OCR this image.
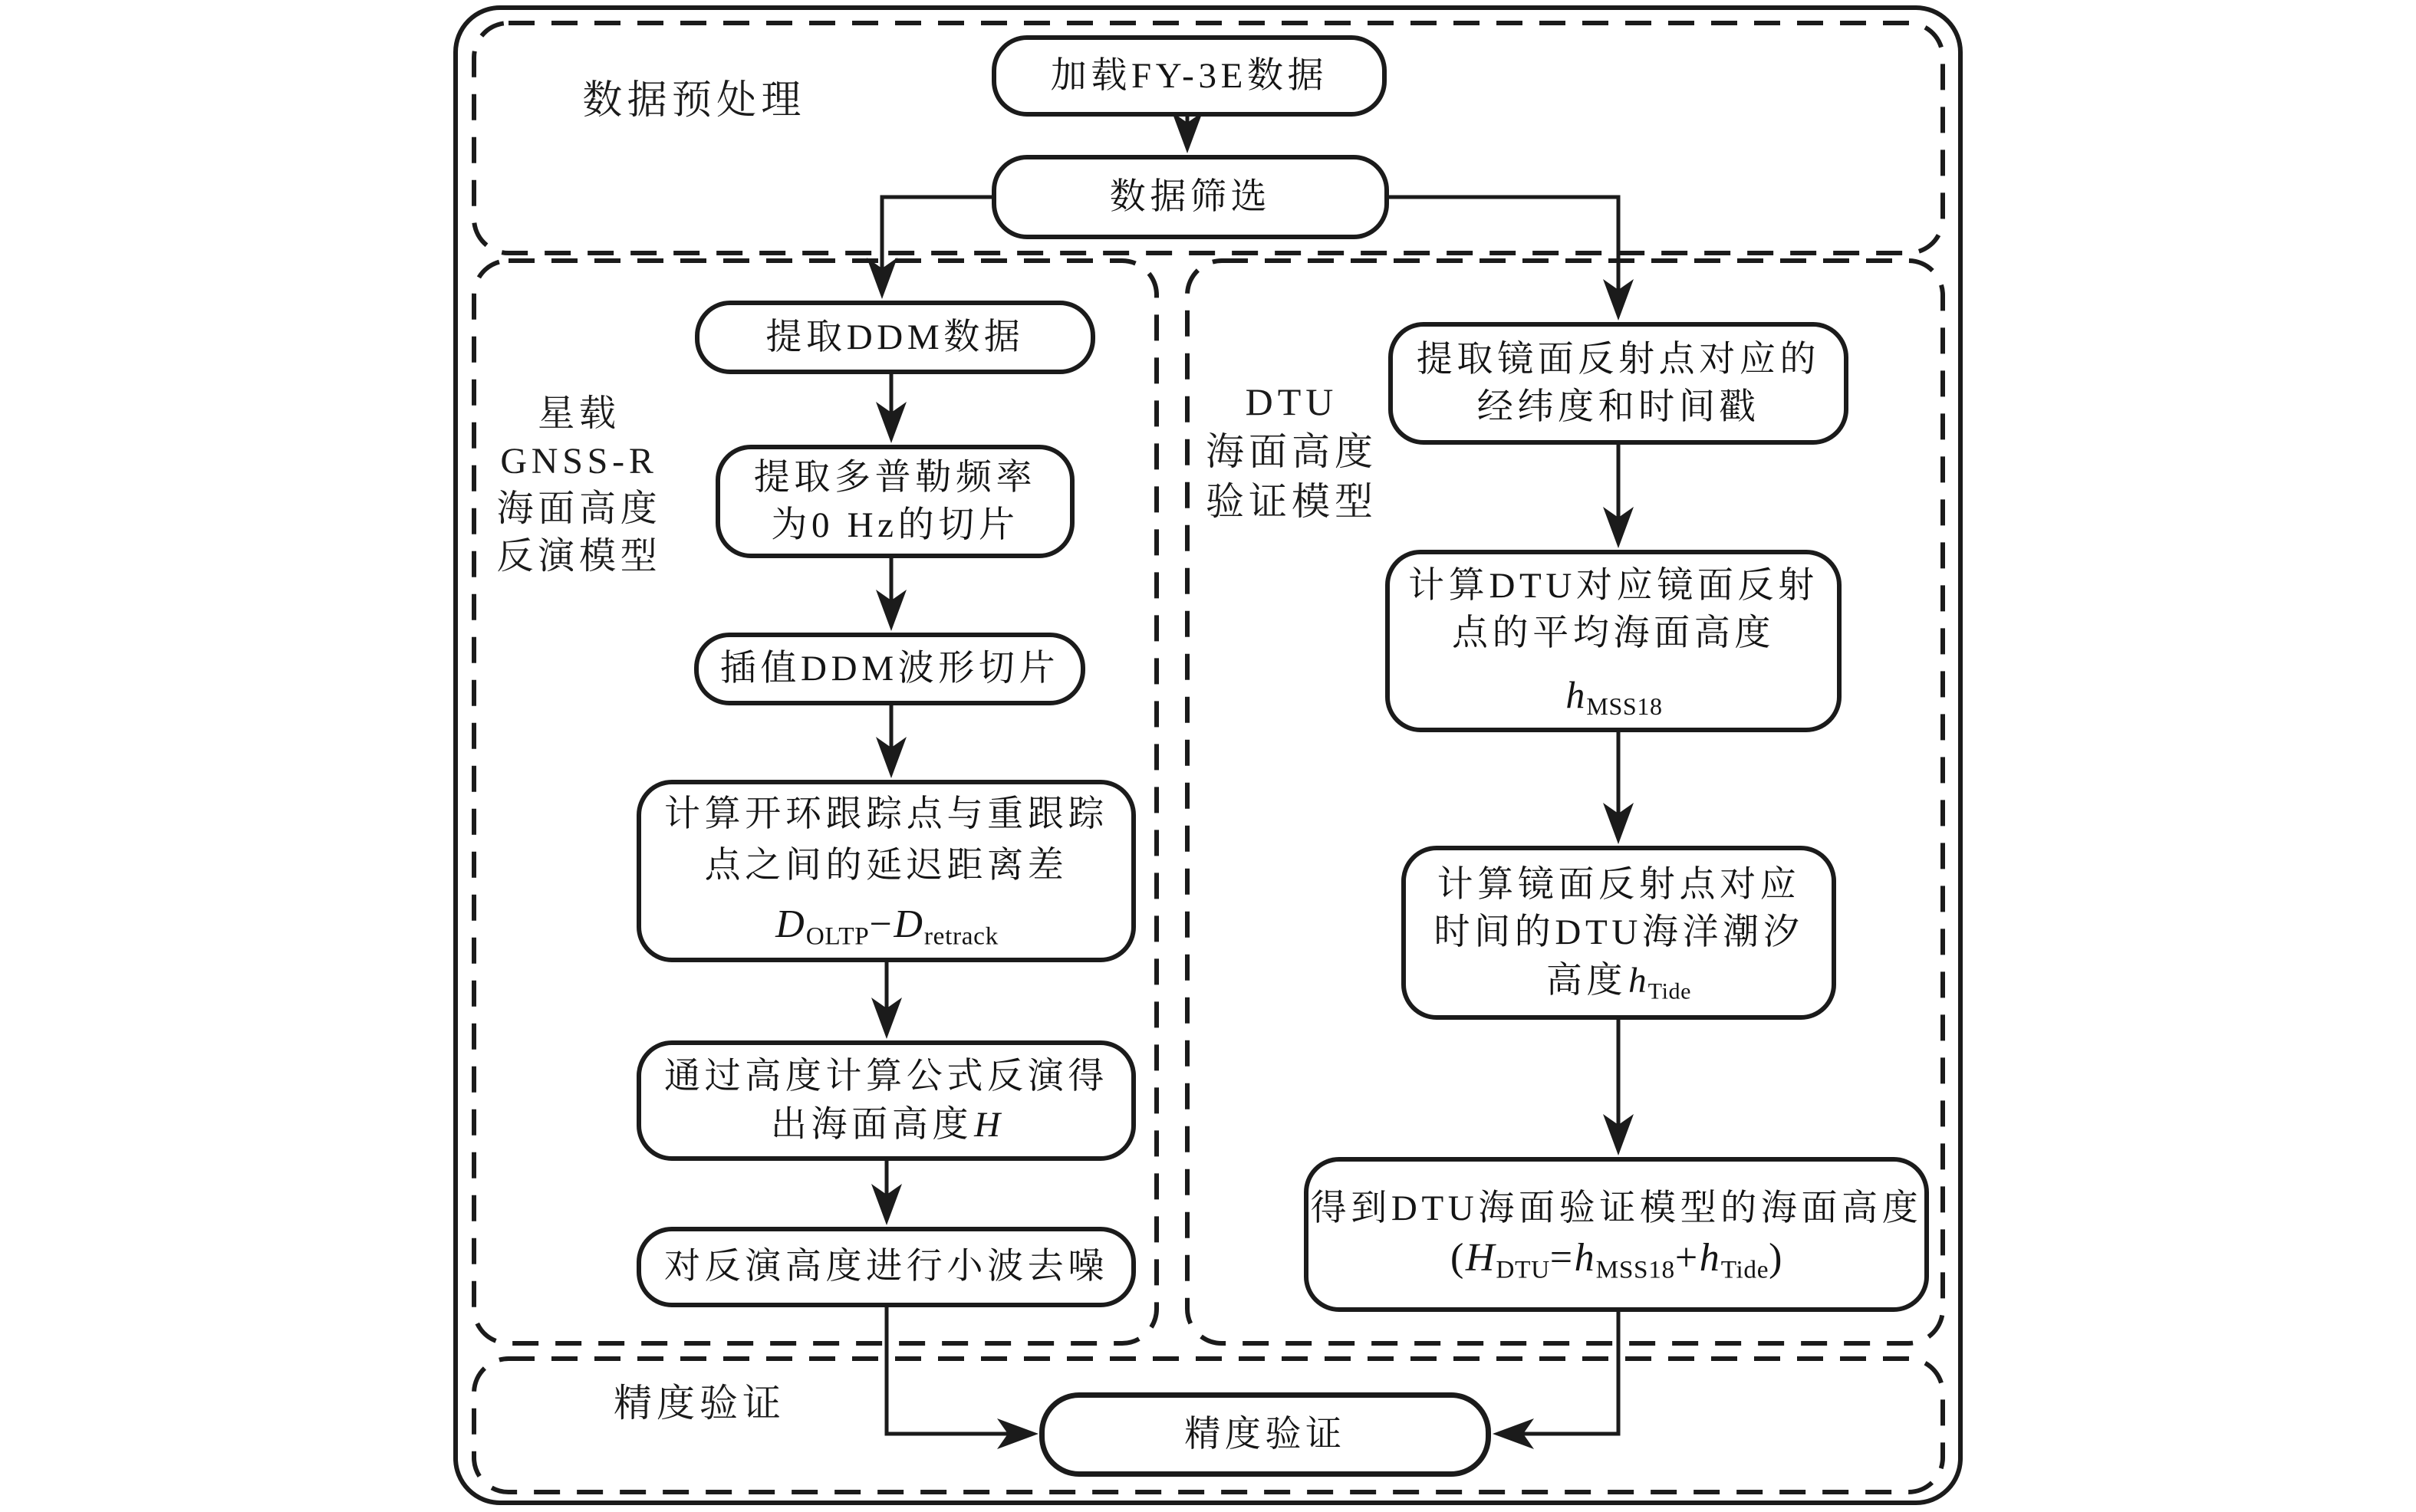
数据预处理
星载
GNSS-R
海面高度
反演模型
DTU
海面高度
验证模型
精度验证
加载FY-3E数据
数据筛选
提取DDM数据
提取多普勒频率
为0 Hz的切片
插值DDM波形切片
计算开环跟踪点与重跟踪
点之间的延迟距离差
$D_{OLTP}-D_{retrack}$
通过高度计算公式反演得
出海面高度H
对反演高度进行小波去噪
提取镜面反射点对应的
经纬度和时间戳
计算DTU对应镜面反射
点的平均海面高度
$h_{MSS18}$
计算镜面反射点对应
时间的DTU海洋潮汐
高度$h_{Tide}$
得到DTU海面验证模型的海面高度
$(H_{DTU}=h_{MSS18}+h_{Tide})$
精度验证
